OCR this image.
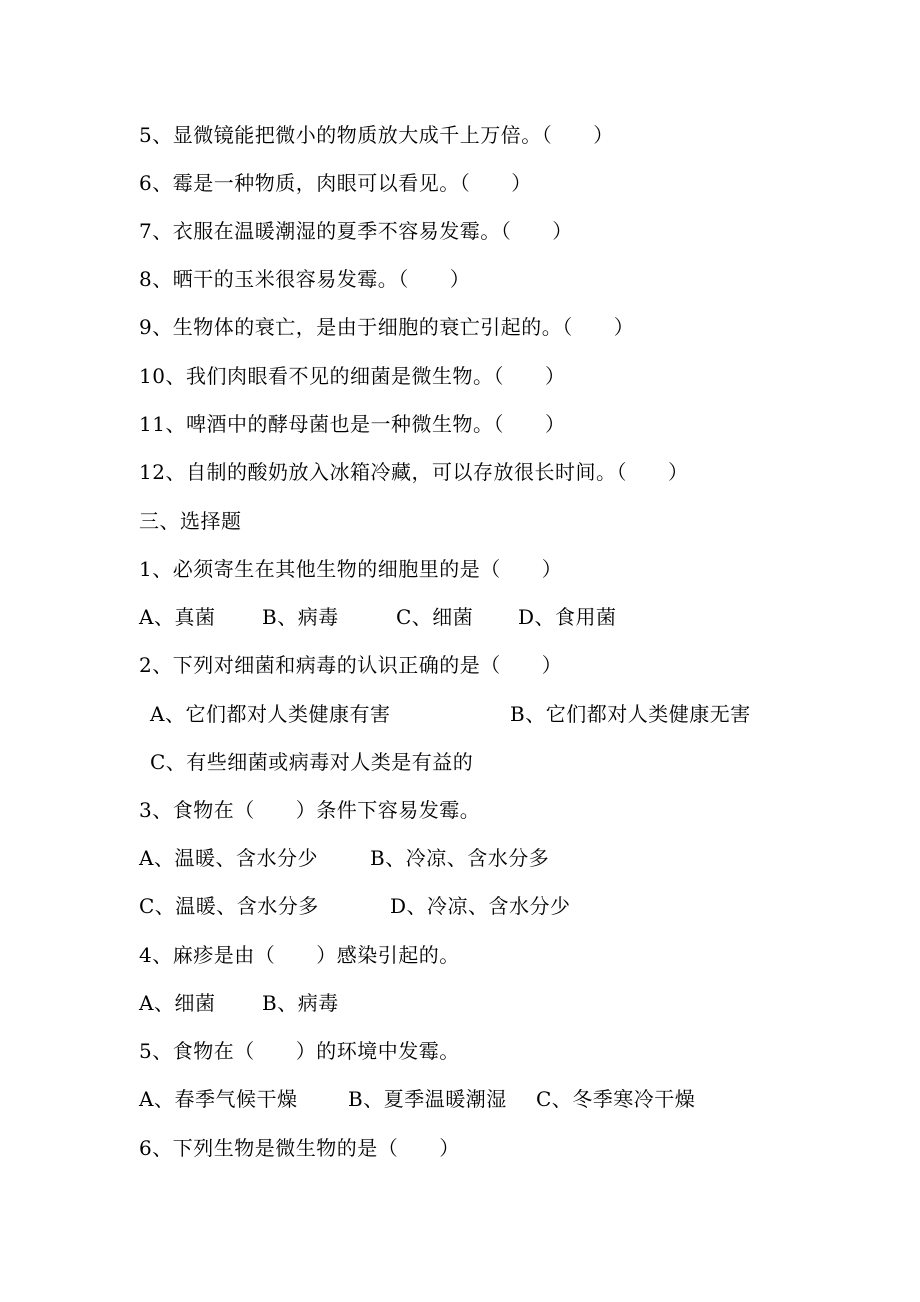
5、显微镜能把微小的物质放大成千上万倍。（　　）
6、霉是一种物质，肉眼可以看见。（　　）
7、衣服在温暖潮湿的夏季不容易发霉。（　　）
8、晒干的玉米很容易发霉。（　　）
9、生物体的衰亡，是由于细胞的衰亡引起的。（　　）
10、我们肉眼看不见的细菌是微生物。（　　）
11、啤酒中的酵母菌也是一种微生物。（　　）
12、自制的酸奶放入冰箱冷藏，可以存放很长时间。（　　）
三、选择题
1、必须寄生在其他生物的细胞里的是（　　）
A、真菌 B、病毒	C、细菌 D、食用菌
2、下列对细菌和病毒的认识正确的是（　　）
A、它们都对人类健康有害	B、它们都对人类健康无害
C、有些细菌或病毒对人类是有益的
3、食物在（　　）条件下容易发霉。
A、温暖、含水分少	B、冷凉、含水分多
C、温暖、含水分多	D、冷凉、含水分少
4、麻疹是由（　　）感染引起的。
A、细菌 B、病毒
5、食物在（　　）的环境中发霉。
A、春季气候干燥	B、夏季温暖潮湿 C、冬季寒冷干燥
6、下列生物是微生物的是（　　）
